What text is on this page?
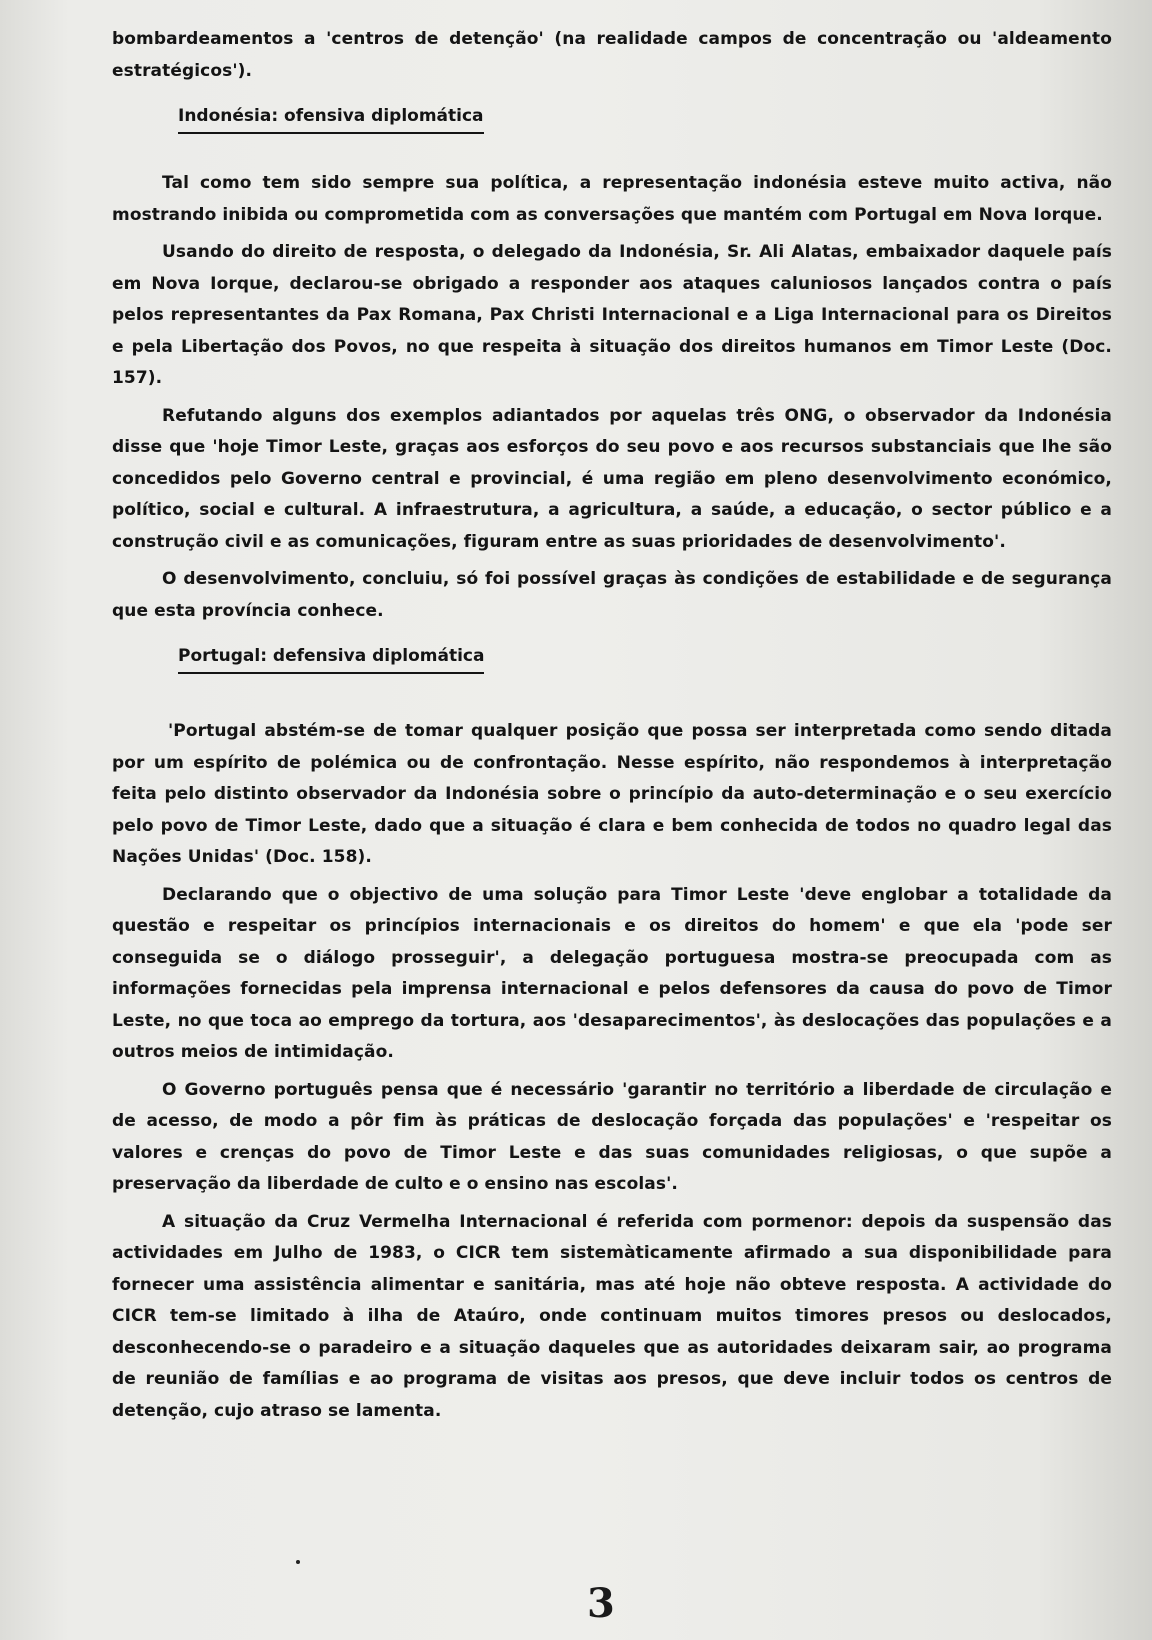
bombardeamentos a 'centros de detenção' (na realidade campos de concentração ou 'aldeamento estratégicos').

Indonésia: ofensiva diplomática

Tal como tem sido sempre sua política, a representação indonésia esteve muito activa, não mostrando inibida ou comprometida com as conversações que mantém com Portugal em Nova Iorque.

Usando do direito de resposta, o delegado da Indonésia, Sr. Ali Alatas, embaixador daquele país em Nova Iorque, declarou-se obrigado a responder aos ataques caluniosos lançados contra o país pelos representantes da Pax Romana, Pax Christi Internacional e a Liga Internacional para os Direitos e pela Libertação dos Povos, no que respeita à situação dos direitos humanos em Timor Leste (Doc. 157).

Refutando alguns dos exemplos adiantados por aquelas três ONG, o observador da Indonésia disse que 'hoje Timor Leste, graças aos esforços do seu povo e aos recursos substanciais que lhe são concedidos pelo Governo central e provincial, é uma região em pleno desenvolvimento económico, político, social e cultural. A infraestrutura, a agricultura, a saúde, a educação, o sector público e a construção civil e as comunicações, figuram entre as suas prioridades de desenvolvimento'.

O desenvolvimento, concluiu, só foi possível graças às condições de estabilidade e de segurança que esta província conhece.

Portugal: defensiva diplomática

'Portugal abstém-se de tomar qualquer posição que possa ser interpretada como sendo ditada por um espírito de polémica ou de confrontação. Nesse espírito, não respondemos à interpretação feita pelo distinto observador da Indonésia sobre o princípio da auto-determinação e o seu exercício pelo povo de Timor Leste, dado que a situação é clara e bem conhecida de todos no quadro legal das Nações Unidas' (Doc. 158).

Declarando que o objectivo de uma solução para Timor Leste 'deve englobar a totalidade da questão e respeitar os princípios internacionais e os direitos do homem' e que ela 'pode ser conseguida se o diálogo prosseguir', a delegação portuguesa mostra-se preocupada com as informações fornecidas pela imprensa internacional e pelos defensores da causa do povo de Timor Leste, no que toca ao emprego da tortura, aos 'desaparecimentos', às deslocações das populações e a outros meios de intimidação.

O Governo português pensa que é necessário 'garantir no território a liberdade de circulação e de acesso, de modo a pôr fim às práticas de deslocação forçada das populações' e 'respeitar os valores e crenças do povo de Timor Leste e das suas comunidades religiosas, o que supõe a preservação da liberdade de culto e o ensino nas escolas'.

A situação da Cruz Vermelha Internacional é referida com pormenor: depois da suspensão das actividades em Julho de 1983, o CICR tem sistemàticamente afirmado a sua disponibilidade para fornecer uma assistência alimentar e sanitária, mas até hoje não obteve resposta. A actividade do CICR tem-se limitado à ilha de Ataúro, onde continuam muitos timores presos ou deslocados, desconhecendo-se o paradeiro e a situação daqueles que as autoridades deixaram sair, ao programa de reunião de famílias e ao programa de visitas aos presos, que deve incluir todos os centros de detenção, cujo atraso se lamenta.

3
